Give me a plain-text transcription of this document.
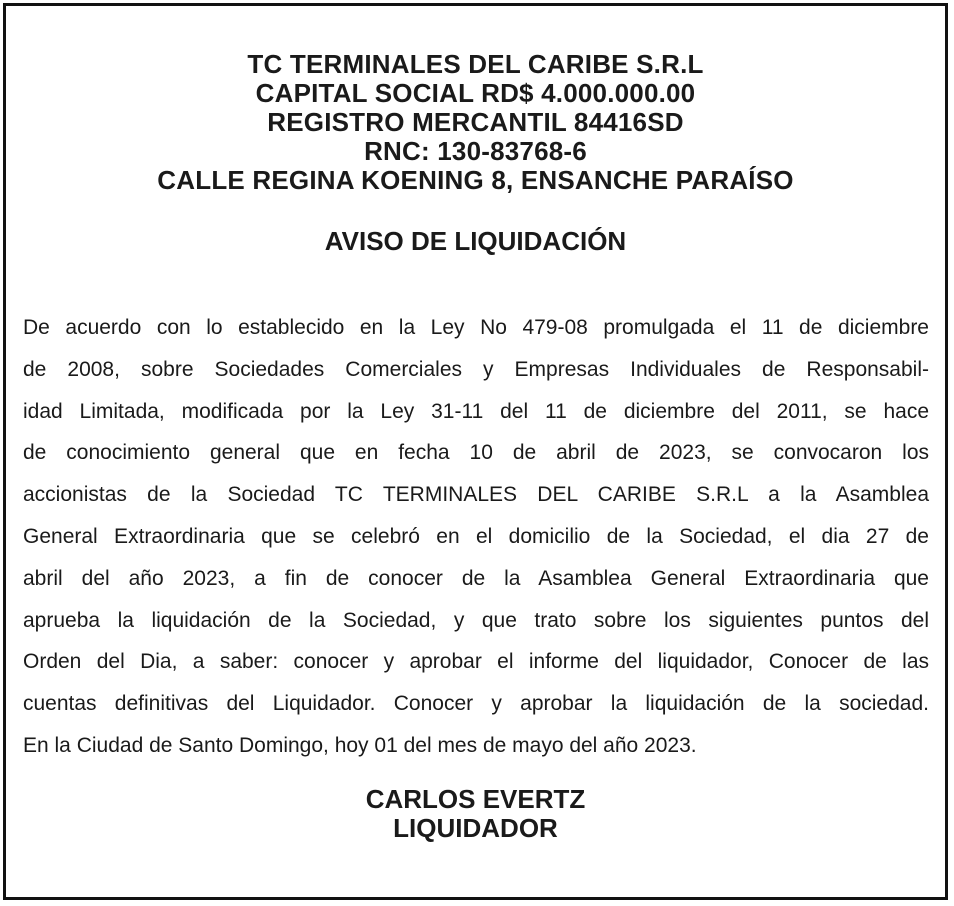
TC TERMINALES DEL CARIBE S.R.L
CAPITAL SOCIAL RD$ 4.000.000.00
REGISTRO MERCANTIL 84416SD
RNC: 130-83768-6
CALLE REGINA KOENING 8, ENSANCHE PARAÍSO
AVISO DE LIQUIDACIÓN
De acuerdo con lo establecido en la Ley No 479-08 promulgada el 11 de diciembre
de 2008, sobre Sociedades Comerciales y Empresas Individuales de Responsabil-
idad Limitada, modificada por la Ley 31-11 del 11 de diciembre del 2011, se hace
de conocimiento general que en fecha 10 de abril de 2023, se convocaron los
accionistas de la Sociedad TC TERMINALES DEL CARIBE S.R.L a la Asamblea
General Extraordinaria que se celebró en el domicilio de la Sociedad, el dia 27 de
abril del año 2023, a fin de conocer de la Asamblea General Extraordinaria que
aprueba la liquidación de la Sociedad, y que trato sobre los siguientes puntos del
Orden del Dia, a saber: conocer y aprobar el informe del liquidador, Conocer de las
cuentas definitivas del Liquidador. Conocer y aprobar la liquidación de la sociedad.
En la Ciudad de Santo Domingo, hoy 01 del mes de mayo del año 2023.
CARLOS EVERTZ
LIQUIDADOR
